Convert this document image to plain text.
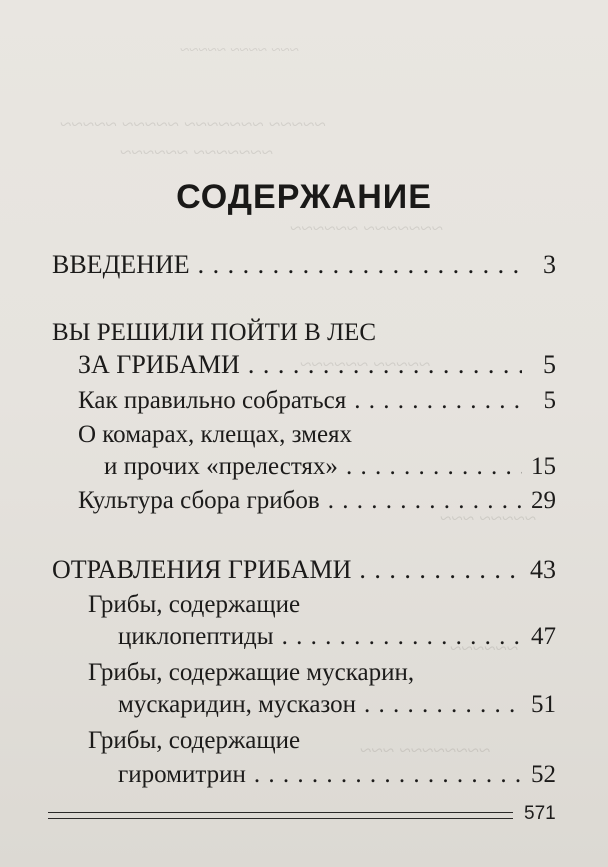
~~~ ~~~~ ~~~~~
~~~~~ ~~~~~~~ ~~~~~ ~~~~~
~~~~~~~ ~~~~~~
~~~~~~~ ~~~~~~
~~~~~ ~~~~~~
~~~~~ ~~~
~~~~~~
~~~~~~~~ ~~~
СОДЕРЖАНИЕ
ВВЕДЕНИЕ . . .	3
ВЫ РЕШИЛИ ПОЙТИ В ЛЕС
ЗА ГРИБАМИ . . .	5
Как правильно собраться . . .	5
О комарах, клещах, змеях
и прочих «прелестях» . . .	15
Культура сбора грибов . . .	29
ОТРАВЛЕНИЯ ГРИБАМИ . . .	43
Грибы, содержащие
циклопептиды . . .	47
Грибы, содержащие мускарин,
мускаридин, мусказон . . .	51
Грибы, содержащие
гиромитрин . . .	52
571
